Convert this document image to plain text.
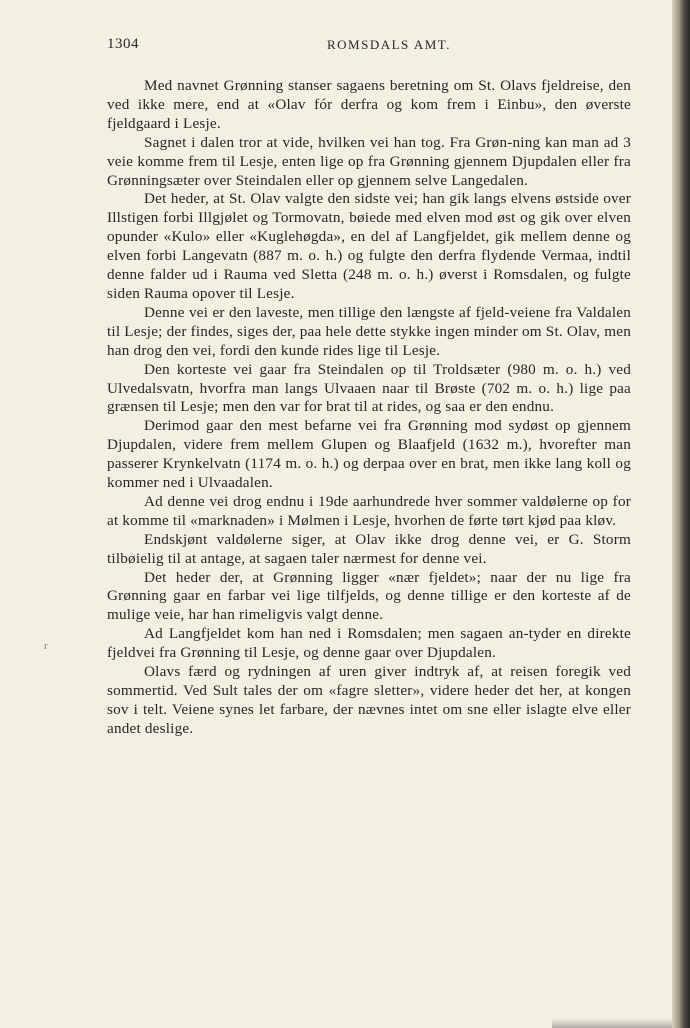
1304	ROMSDALS AMT.
r

Med navnet Grønning stanser sagaens beretning om St. Olavs fjeldreise, den ved ikke mere, end at «Olav fór derfra og kom frem i Einbu», den øverste fjeldgaard i Lesje.

Sagnet i dalen tror at vide, hvilken vei han tog. Fra Grøn-ning kan man ad 3 veie komme frem til Lesje, enten lige op fra Grønning gjennem Djupdalen eller fra Grønningsæter over Steindalen eller op gjennem selve Langedalen.

Det heder, at St. Olav valgte den sidste vei; han gik langs elvens østside over Illstigen forbi Illgjølet og Tormovatn, bøiede med elven mod øst og gik over elven opunder «Kulo» eller «Kuglehøgda», en del af Langfjeldet, gik mellem denne og elven forbi Langevatn (887 m. o. h.) og fulgte den derfra flydende Vermaa, indtil denne falder ud i Rauma ved Sletta (248 m. o. h.) øverst i Romsdalen, og fulgte siden Rauma opover til Lesje.

Denne vei er den laveste, men tillige den længste af fjeld-veiene fra Valdalen til Lesje; der findes, siges der, paa hele dette stykke ingen minder om St. Olav, men han drog den vei, fordi den kunde rides lige til Lesje.

Den korteste vei gaar fra Steindalen op til Troldsæter (980 m. o. h.) ved Ulvedalsvatn, hvorfra man langs Ulvaaen naar til Brøste (702 m. o. h.) lige paa grænsen til Lesje; men den var for brat til at rides, og saa er den endnu.

Derimod gaar den mest befarne vei fra Grønning mod sydøst op gjennem Djupdalen, videre frem mellem Glupen og Blaafjeld (1632 m.), hvorefter man passerer Krynkelvatn (1174 m. o. h.) og derpaa over en brat, men ikke lang koll og kommer ned i Ulvaadalen.

Ad denne vei drog endnu i 19de aarhundrede hver sommer valdølerne op for at komme til «marknaden» i Mølmen i Lesje, hvorhen de førte tørt kjød paa kløv.

Endskjønt valdølerne siger, at Olav ikke drog denne vei, er G. Storm tilbøielig til at antage, at sagaen taler nærmest for denne vei.

Det heder der, at Grønning ligger «nær fjeldet»; naar der nu lige fra Grønning gaar en farbar vei lige tilfjelds, og denne tillige er den korteste af de mulige veie, har han rimeligvis valgt denne.

Ad Langfjeldet kom han ned i Romsdalen; men sagaen an-tyder en direkte fjeldvei fra Grønning til Lesje, og denne gaar over Djupdalen.

Olavs færd og rydningen af uren giver indtryk af, at reisen foregik ved sommertid. Ved Sult tales der om «fagre sletter», videre heder det her, at kongen sov i telt. Veiene synes let farbare, der nævnes intet om sne eller islagte elve eller andet deslige.
